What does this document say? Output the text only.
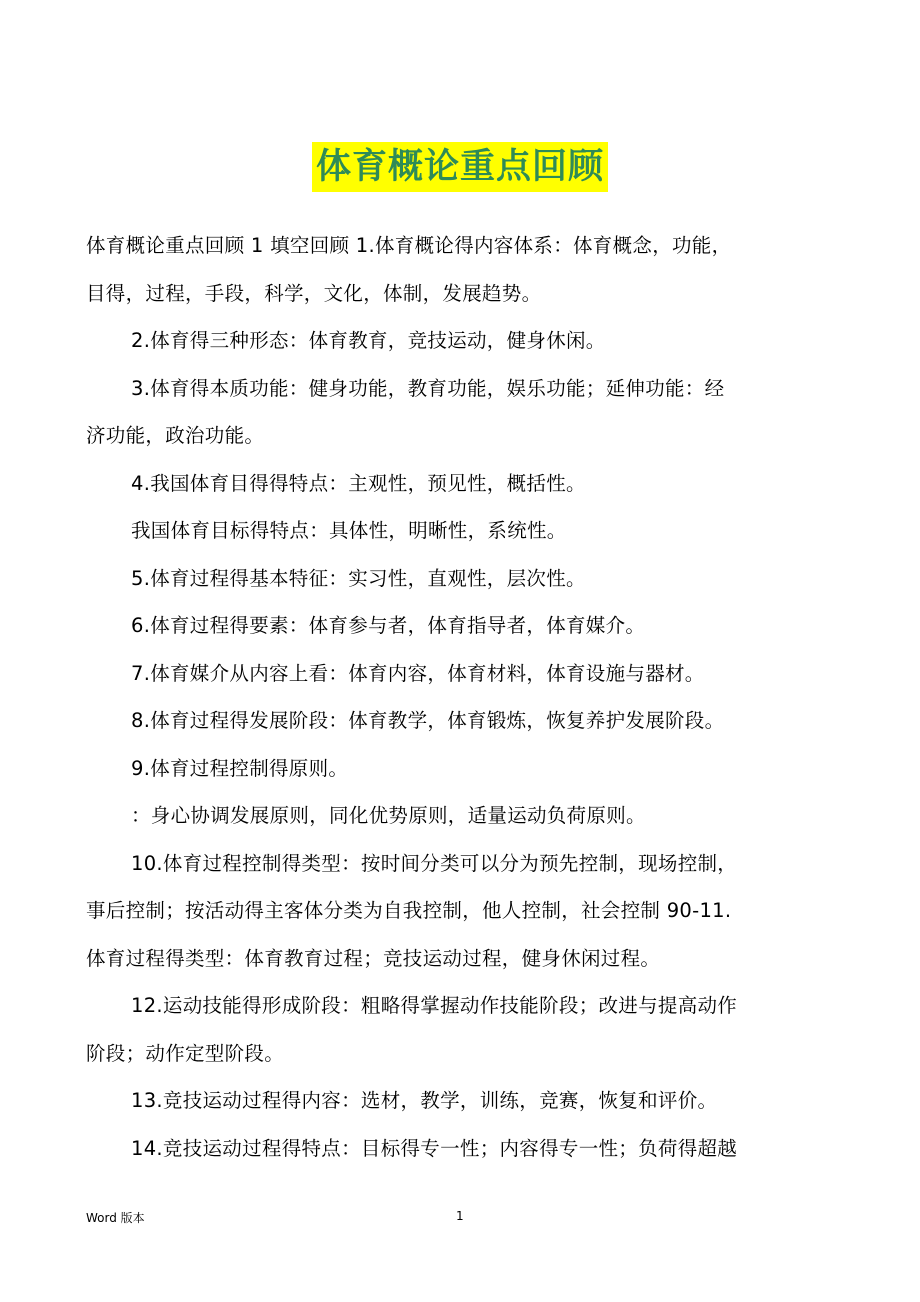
体育概论重点回顾
体育概论重点回顾 1 填空回顾 1.体育概论得内容体系：体育概念，功能，
目得，过程，手段，科学，文化，体制，发展趋势。
2.体育得三种形态：体育教育，竞技运动，健身休闲。
3.体育得本质功能：健身功能，教育功能，娱乐功能；延伸功能：经
济功能，政治功能。
4.我国体育目得得特点：主观性，预见性，概括性。
我国体育目标得特点：具体性，明晰性，系统性。
5.体育过程得基本特征：实习性，直观性，层次性。
6.体育过程得要素：体育参与者，体育指导者，体育媒介。
7.体育媒介从内容上看：体育内容，体育材料，体育设施与器材。
8.体育过程得发展阶段：体育教学，体育锻炼，恢复养护发展阶段。
9.体育过程控制得原则。
：身心协调发展原则，同化优势原则，适量运动负荷原则。
10.体育过程控制得类型：按时间分类可以分为预先控制，现场控制，
事后控制；按活动得主客体分类为自我控制，他人控制，社会控制 90-11.
体育过程得类型：体育教育过程；竞技运动过程，健身休闲过程。
12.运动技能得形成阶段：粗略得掌握动作技能阶段；改进与提高动作
阶段；动作定型阶段。
13.竞技运动过程得内容：选材，教学，训练，竞赛，恢复和评价。
14.竞技运动过程得特点：目标得专一性；内容得专一性；负荷得超越
Word 版本	1
